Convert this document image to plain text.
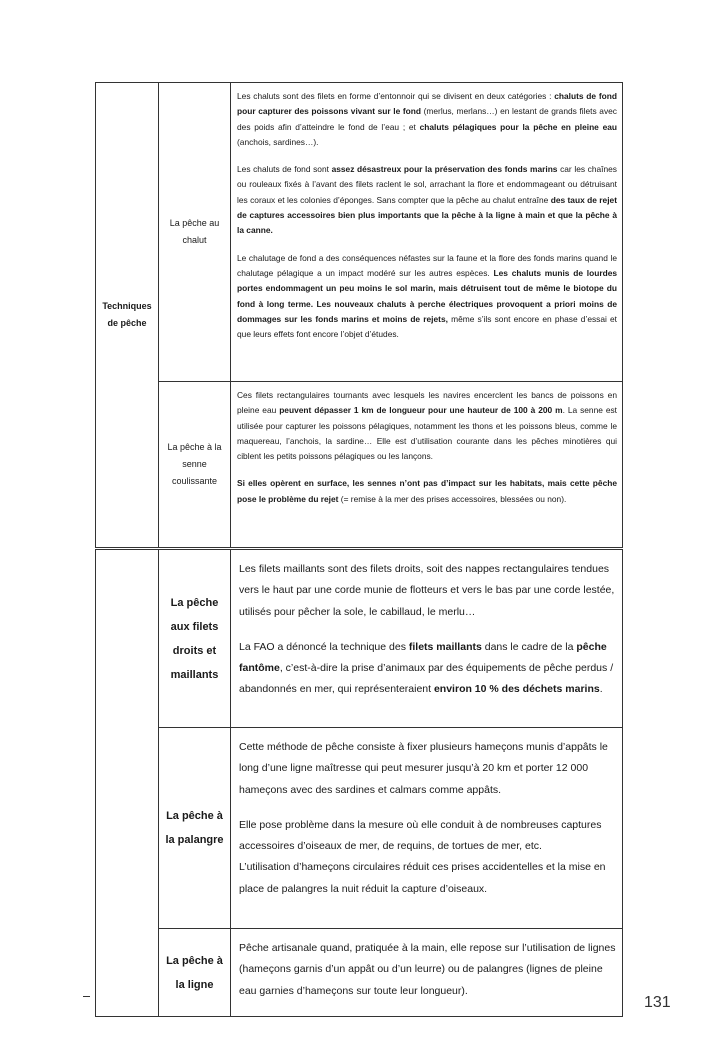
Techniques de pêche	La pêche au chalut	Les chaluts sont des filets en forme d’entonnoir qui se divisent en deux catégories : chaluts de fond pour capturer des poissons vivant sur le fond (merlus, merlans…) en lestant de grands filets avec des poids afin d’atteindre le fond de l’eau ; et chaluts pélagiques pour la pêche en pleine eau (anchois, sardines…).

Les chaluts de fond sont assez désastreux pour la préservation des fonds marins car les chaînes ou rouleaux fixés à l’avant des filets raclent le sol, arrachant la flore et endommageant ou détruisant les coraux et les colonies d’éponges. Sans compter que la pêche au chalut entraîne des taux de rejet de captures accessoires bien plus importants que la pêche à la ligne à main et que la pêche à la canne.

Le chalutage de fond a des conséquences néfastes sur la faune et la flore des fonds marins quand le chalutage pélagique a un impact modéré sur les autres espèces. Les chaluts munis de lourdes portes endommagent un peu moins le sol marin, mais détruisent tout de même le biotope du fond à long terme. Les nouveaux chaluts à perche électriques provoquent a priori moins de dommages sur les fonds marins et moins de rejets, même s’ils sont encore en phase d’essai et que leurs effets font encore l’objet d’études.

	La pêche à la senne coulissante	Ces filets rectangulaires tournants avec lesquels les navires encerclent les bancs de poissons en pleine eau peuvent dépasser 1 km de longueur pour une hauteur de 100 à 200 m. La senne est utilisée pour capturer les poissons pélagiques, notamment les thons et les poissons bleus, comme le maquereau, l’anchois, la sardine… Elle est d’utilisation courante dans les pêches minotières qui ciblent les petits poissons pélagiques ou les lançons.

Si elles opèrent en surface, les sennes n’ont pas d’impact sur les habitats, mais cette pêche pose le problème du rejet (= remise à la mer des prises accessoires, blessées ou non).

	La pêche aux filets droits et maillants	Les filets maillants sont des filets droits, soit des nappes rectangulaires tendues vers le haut par une corde munie de flotteurs et vers le bas par une corde lestée, utilisés pour pêcher la sole, le cabillaud, le merlu…

La FAO a dénoncé la technique des filets maillants dans le cadre de la pêche fantôme, c’est-à-dire la prise d’animaux par des équipements de pêche perdus / abandonnés en mer, qui représenteraient environ 10 % des déchets marins.

	La pêche à la palangre	Cette méthode de pêche consiste à fixer plusieurs hameçons munis d’appâts le long d’une ligne maîtresse qui peut mesurer jusqu’à 20 km et porter 12 000 hameçons avec des sardines et calmars comme appâts.

Elle pose problème dans la mesure où elle conduit à de nombreuses captures accessoires d’oiseaux de mer, de requins, de tortues de mer, etc.

L’utilisation d’hameçons circulaires réduit ces prises accidentelles et la mise en place de palangres la nuit réduit la capture d’oiseaux.

	La pêche à la ligne	Pêche artisanale quand, pratiquée à la main, elle repose sur l’utilisation de lignes (hameçons garnis d’un appât ou d’un leurre) ou de palangres (lignes de pleine eau garnies d’hameçons sur toute leur longueur).

131
